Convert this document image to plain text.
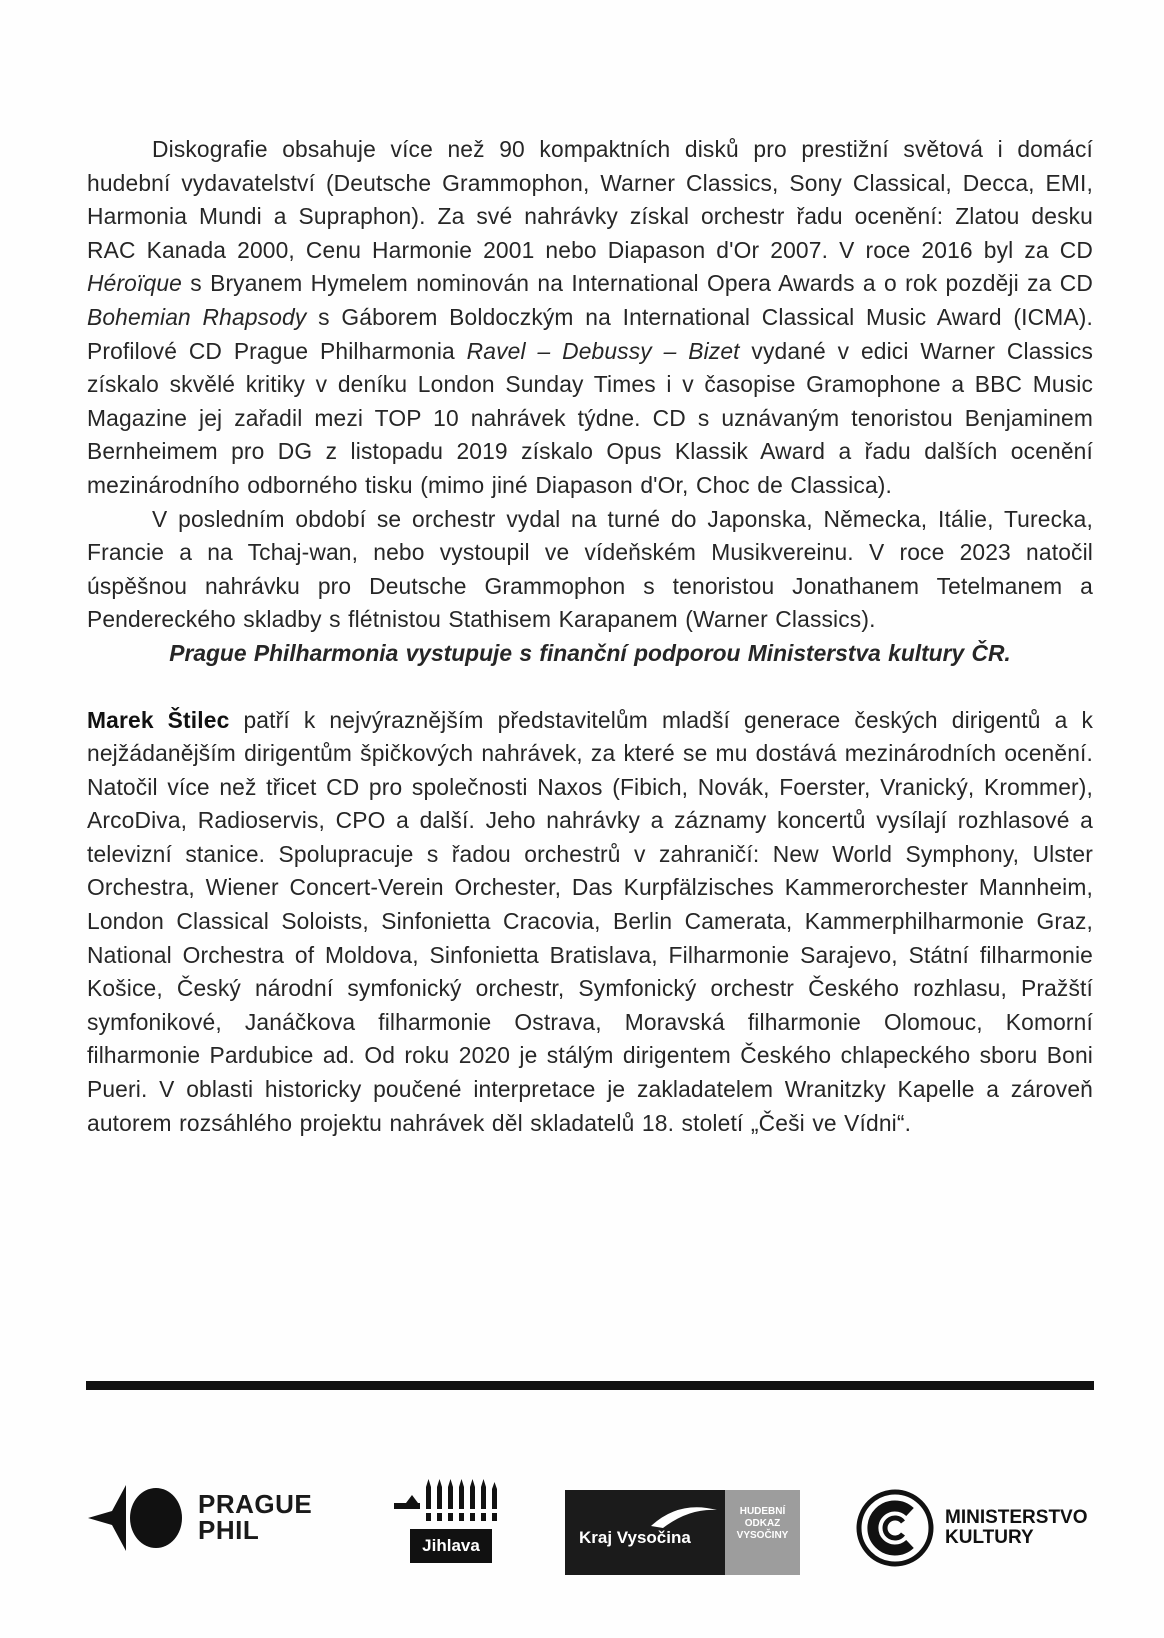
Diskografie obsahuje více než 90 kompaktních disků pro prestižní světová i domácí hudební vydavatelství (Deutsche Grammophon, Warner Classics, Sony Classical, Decca, EMI, Harmonia Mundi a Supraphon). Za své nahrávky získal orchestr řadu ocenění: Zlatou desku RAC Kanada 2000, Cenu Harmonie 2001 nebo Diapason d'Or 2007. V roce 2016 byl za CD Héroïque s Bryanem Hymelem nominován na International Opera Awards a o rok později za CD Bohemian Rhapsody s Gáborem Boldoczkým na International Classical Music Award (ICMA). Profilové CD Prague Philharmonia Ravel – Debussy – Bizet vydané v edici Warner Classics získalo skvělé kritiky v deníku London Sunday Times i v časopise Gramophone a BBC Music Magazine jej zařadil mezi TOP 10 nahrávek týdne. CD s uznávaným tenoristou Benjaminem Bernheimem pro DG z listopadu 2019 získalo Opus Klassik Award a řadu dalších ocenění mezinárodního odborného tisku (mimo jiné Diapason d'Or, Choc de Classica).

V posledním období se orchestr vydal na turné do Japonska, Německa, Itálie, Turecka, Francie a na Tchaj-wan, nebo vystoupil ve vídeňském Musikvereinu. V roce 2023 natočil úspěšnou nahrávku pro Deutsche Grammophon s tenoristou Jonathanem Tetelmanem a Pendereckého skladby s flétnistou Stathisem Karapanem (Warner Classics).

Prague Philharmonia vystupuje s finanční podporou Ministerstva kultury ČR.

Marek Štilec patří k nejvýraznějším představitelům mladší generace českých dirigentů a k nejžádanějším dirigentům špičkových nahrávek, za které se mu dostává mezinárodních ocenění. Natočil více než třicet CD pro společnosti Naxos (Fibich, Novák, Foerster, Vranický, Krommer), ArcoDiva, Radioservis, CPO a další. Jeho nahrávky a záznamy koncertů vysílají rozhlasové a televizní stanice. Spolupracuje s řadou orchestrů v zahraničí: New World Symphony, Ulster Orchestra, Wiener Concert-Verein Orchester, Das Kurpfälzisches Kammerorchester Mannheim, London Classical Soloists, Sinfonietta Cracovia, Berlin Camerata, Kammerphilharmonie Graz, National Orchestra of Moldova, Sinfonietta Bratislava, Filharmonie Sarajevo, Státní filharmonie Košice, Český národní symfonický orchestr, Symfonický orchestr Českého rozhlasu, Pražští symfonikové, Janáčkova filharmonie Ostrava, Moravská filharmonie Olomouc, Komorní filharmonie Pardubice ad. Od roku 2020 je stálým dirigentem Českého chlapeckého sboru Boni Pueri. V oblasti historicky poučené interpretace je zakladatelem Wranitzky Kapelle a zároveň autorem rozsáhlého projektu nahrávek děl skladatelů 18. století „Češi ve Vídni“.

PRAGUE
PHIL
Jihlava	Kraj Vysočina
HUDEBNÍ
ODKAZ
VYSOČINY
MINISTERSTVO
KULTURY
